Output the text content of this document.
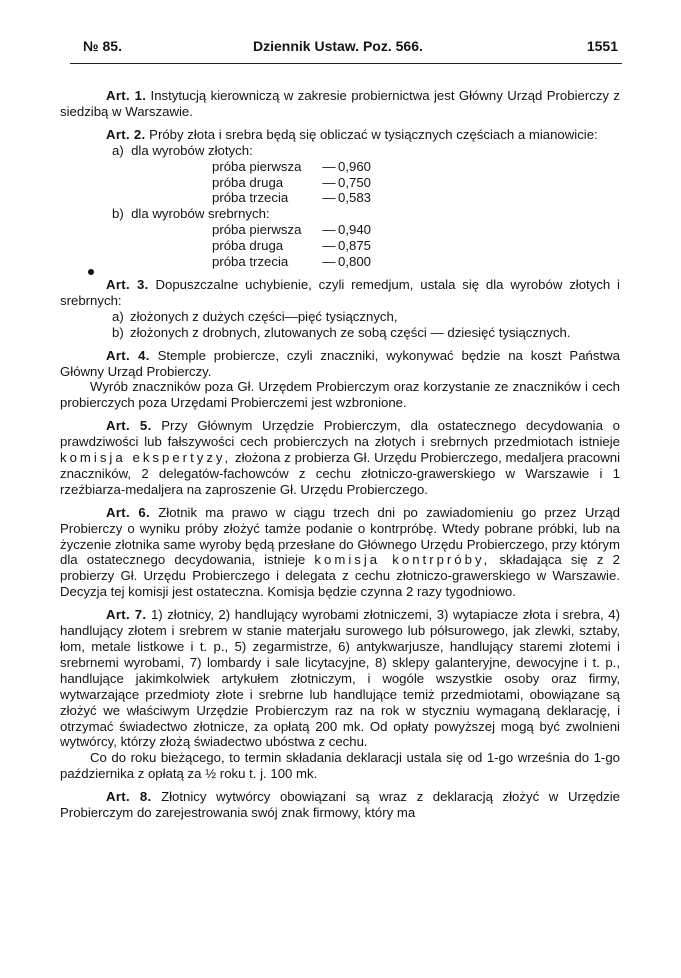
№ 85.	Dziennik Ustaw. Poz. 566.	1551

Art. 1. Instytucją kierowniczą w zakresie probiernictwa jest Główny Urząd Probierczy z siedzibą w Warszawie.

Art. 2. Próby złota i srebra będą się obliczać w tysiącznych częściach a mianowicie:

a) dla wyrobów złotych:
próba pierwsza	— 0,960
próba druga	— 0,750
próba trzecia	— 0,583
b) dla wyrobów srebrnych:
próba pierwsza	— 0,940
próba druga	— 0,875
próba trzecia	— 0,800

Art. 3. Dopuszczalne uchybienie, czyli remedjum, ustala się dla wyrobów złotych i srebrnych:

a) złożonych z dużych części—pięć tysiącznych,
b) złożonych z drobnych, zlutowanych ze sobą części — dziesięć tysiącznych.

Art. 4. Stemple probiercze, czyli znaczniki, wykonywać będzie na koszt Państwa Główny Urząd Probierczy.

Wyrób znaczników poza Gł. Urzędem Probierczym oraz korzystanie ze znaczników i cech probierczych poza Urzędami Probierczemi jest wzbronione.

Art. 5. Przy Głównym Urzędzie Probierczym, dla ostatecznego decydowania o prawdziwości lub fałszywości cech probierczych na złotych i srebrnych przedmiotach istnieje komisja ekspertyzy, złożona z probierza Gł. Urzędu Probierczego, medaljera pracowni znaczników, 2 delegatów-fachowców z cechu złotniczo-grawerskiego w Warszawie i 1 rzeźbiarza-medaljera na zaproszenie Gł. Urzędu Probierczego.

Art. 6. Złotnik ma prawo w ciągu trzech dni po zawiadomieniu go przez Urząd Probierczy o wyniku próby złożyć tamże podanie o kontrpróbę. Wtedy pobrane próbki, lub na życzenie złotnika same wyroby będą przesłane do Głównego Urzędu Probierczego, przy którym dla ostatecznego decydowania, istnieje komisja kontrpróby, składająca się z 2 probierzy Gł. Urzędu Probierczego i delegata z cechu złotniczo-grawerskiego w Warszawie. Decyzja tej komisji jest ostateczna. Komisja będzie czynna 2 razy tygodniowo.

Art. 7. 1) złotnicy, 2) handlujący wyrobami złotniczemi, 3) wytapiacze złota i srebra, 4) handlujący złotem i srebrem w stanie materjału surowego lub półsurowego, jak zlewki, sztaby, łom, metale listkowe i t. p., 5) zegarmistrze, 6) antykwarjusze, handlujący staremi złotemi i srebrnemi wyrobami, 7) lombardy i sale licytacyjne, 8) sklepy galanteryjne, dewocyjne i t. p., handlujące jakimkolwiek artykułem złotniczym, i wogóle wszystkie osoby oraz firmy, wytwarzające przedmioty złote i srebrne lub handlujące temiż przedmiotami, obowiązane są złożyć we właściwym Urzędzie Probierczym raz na rok w styczniu wymaganą deklarację, i otrzymać świadectwo złotnicze, za opłatą 200 mk. Od opłaty powyższej mogą być zwolnieni wytwórcy, którzy złożą świadectwo ubóstwa z cechu.

Co do roku bieżącego, to termin składania deklaracji ustala się od 1-go września do 1-go października z opłatą za ½ roku t. j. 100 mk.

Art. 8. Złotnicy wytwórcy obowiązani są wraz z deklaracją złożyć w Urzędzie Probierczym do zarejestrowania swój znak firmowy, który ma
